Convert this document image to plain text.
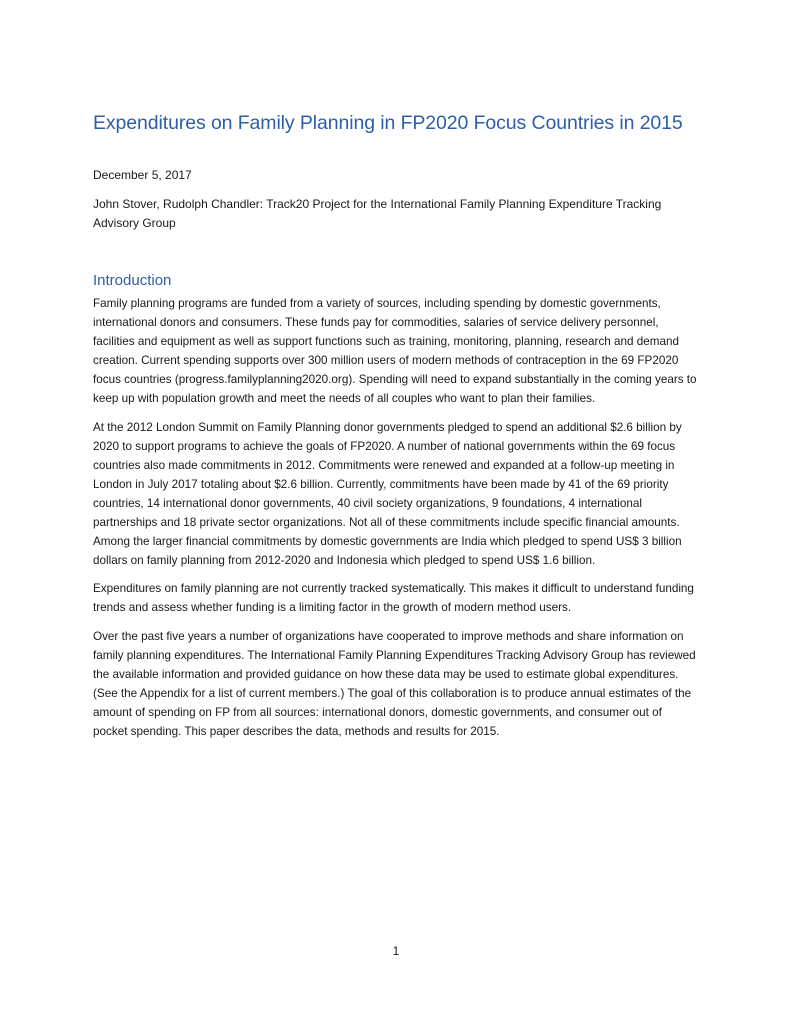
Expenditures on Family Planning in FP2020 Focus Countries in 2015
December 5, 2017
John Stover, Rudolph Chandler: Track20 Project for the International Family Planning Expenditure Tracking Advisory Group
Introduction

Family planning programs are funded from a variety of sources, including spending by domestic governments, international donors and consumers. These funds pay for commodities, salaries of service delivery personnel, facilities and equipment as well as support functions such as training, monitoring, planning, research and demand creation. Current spending supports over 300 million users of modern methods of contraception in the 69 FP2020 focus countries (progress.familyplanning2020.org). Spending will need to expand substantially in the coming years to keep up with population growth and meet the needs of all couples who want to plan their families.

At the 2012 London Summit on Family Planning donor governments pledged to spend an additional $2.6 billion by 2020 to support programs to achieve the goals of FP2020. A number of national governments within the 69 focus countries also made commitments in 2012. Commitments were renewed and expanded at a follow-up meeting in London in July 2017 totaling about $2.6 billion. Currently, commitments have been made by 41 of the 69 priority countries, 14 international donor governments, 40 civil society organizations, 9 foundations, 4 international partnerships and 18 private sector organizations. Not all of these commitments include specific financial amounts. Among the larger financial commitments by domestic governments are India which pledged to spend US$ 3 billion dollars on family planning from 2012-2020 and Indonesia which pledged to spend US$ 1.6 billion.

Expenditures on family planning are not currently tracked systematically. This makes it difficult to understand funding trends and assess whether funding is a limiting factor in the growth of modern method users.

Over the past five years a number of organizations have cooperated to improve methods and share information on family planning expenditures. The International Family Planning Expenditures Tracking Advisory Group has reviewed the available information and provided guidance on how these data may be used to estimate global expenditures. (See the Appendix for a list of current members.) The goal of this collaboration is to produce annual estimates of the amount of spending on FP from all sources: international donors, domestic governments, and consumer out of pocket spending. This paper describes the data, methods and results for 2015.

1
